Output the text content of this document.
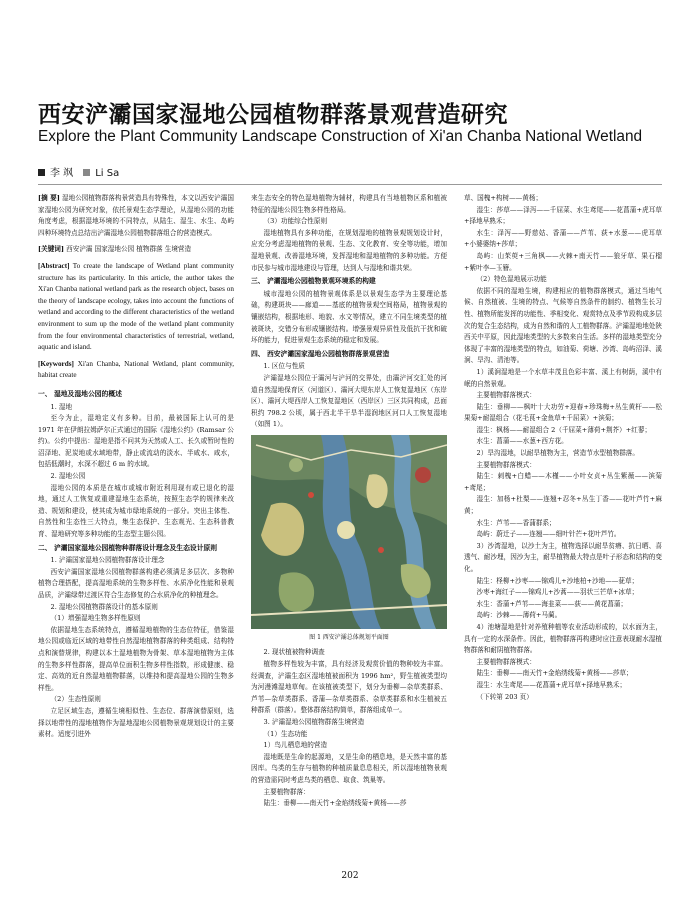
西安浐灞国家湿地公园植物群落景观营造研究
Explore the Plant Community Landscape Construction of Xi'an Chanba National Wetland
李 飒 Li Sa

[摘 要] 湿地公园植物群落构景营造具有特殊性，本文以西安浐灞国家湿地公园为研究对象，依托景观生态学理论，从湿地公园的功能角度考虑，根据湿地环境的不同特点，从陆生、湿生、水生、岛屿四种环境特点总结出浐灞湿地公园植物群落组合的营造模式。

[关键词] 西安浐灞 国家湿地公园 植物群落 生境营造

[Abstract] To create the landscape of Wetland plant community structure has its particularity. In this article, the author takes the Xi'an Chanba national wetland park as the research object, bases on the theory of landscape ecology, takes into account the functions of wetland and according to the different characteristics of the wetland environment to sum up the mode of the wetland plant community from the four environmental characteristics of terrestrial, wetland, aquatic and island.

[Keywords] Xi'an Chanba, National Wetland, plant community, habitat create

一、 湿地及湿地公园的概述

1. 湿地

至今为止，湿地定义有多种。目前，最被国际上认可的是 1971 年在伊朗拉姆萨尔正式通过的国际《湿地公约》(Ramsar 公约)。公约中提出：湿地是指不问其为天然或人工、长久或暂时性的沼泽地、泥炭地或水域地带，静止或流动的淡水、半咸水、咸水，包括低潮时，水深不超过 6 m 的水域。

2. 湿地公园

湿地公园的本质是在城市或城市附近利用现有或已退化的湿地，通过人工恢复或重建湿地生态系统，按照生态学的规律来改造、规划和建设，使其成为城市绿地系统的一部分。突出主体性、自然性和生态性三大特点，集生态保护、生态观光、生态科普教育、湿地研究等多种功能的生态型主题公园。

二、 浐灞国家湿地公园植物种群落设计理念及生态设计原则

1. 浐灞国家湿地公园植物群落设计理念

西安浐灞国家湿地公园植物群落构建必须满足多层次、多物种植物合理搭配，提高湿地系统的生物多样性、水质净化性能和景观品质，浐灞绿带过渡区符合生态修复的合水质净化的种植理念。

2. 湿地公园植物群落设计的基本原则

（1）增强湿地生物多样性原则

依据湿地生态系统特点，遵循湿地植物的生态位特征，借鉴湿地公园或临近区域的地带性自然湿地植物群落的种类组成、结构特点和演替规律，构建以本土湿地植物为骨架、草本湿地植物为主体的生物多样性群落，提高单位面积生物多样性指数，形成健康、稳定、高效的近自然湿地植物群落，以维持和提高湿地公园的生物多样性。

（2）生态性原则

立足区域生态，遵循生境相似性、生态位、群落演替原则，选择以地带性的湿地植物作为湿地湿地公园植物景观规划设计的主要素材。适度引进外

来生态安全的特色湿地植物为辅材，构建具有当地植物区系和植被特征的湿地公园生物多样性格局。

（3）功能综合性原则

湿地植物具有多种功能，在规划湿地的植物景观规划设计时，应充分考虑湿地植物的景观、生态、文化教育、安全等功能，增加湿地景观、改善湿地环境，发挥湿地和湿地植物的多种功能。方便市民参与城市湿地建设与管理，达到人与湿地和谐共荣。

三、 浐灞湿地公园植物景观环境系的构建

城市湿地公园的植物景观体系是以景观生态学为主要理论基础，构建斑块——廊道——基底的植物景观空间格局，植物景观的镶嵌结构，根据地形、地貌、水文等情况，建立不同生境类型的植被斑块，交错分布形成镶嵌结构。增强景观异质性及低抗干扰和破坏的能力，促进景观生态系统的稳定和发展。

四、 西安浐灞国家湿地公园植物群落景观营造

1. 区位与性质

浐灞湿地公园位于灞河与浐河的交界处，由灞浐河交汇处的河道自然湿地保育区（河道区）、灞河大堤东岸人工恢复湿地区（东岸区）、灞河大堤西岸人工恢复湿地区（西岸区）三区共同构成，总面积约 798.2 公顷，属于西北半干旱半湿润地区河口人工恢复湿地（如图 1）。

图 1 西安浐灞总体规划平面图

2. 现状植被物种调查

植物多样性较为丰富，具有经济及观赏价值的物种较为丰富。经调查，浐灞生态区湿地植被面积为 1996 hm²，野生植被类型均为河漫滩湿地草甸。在该植被类型下，划分为垂柳—杂草类群系、芦苇—杂草类群系、香蒲—杂草类群系、杂草类群系和水生植被五种群系（群落）。整体群落结构简单，群落组成单一。

3. 浐灞湿地公园植物群落生境营造

（1）生态功能

1）鸟儿栖息地的营造

湿地既是生命的起源地，又是生命的栖息地，是天然丰富的基因库。鸟类的生存与植物的种植质量息息相关，所以湿地植物景观的营造需同时考虑鸟类的栖息、取食、筑巢等。

主要植物群落：

陆生：垂柳——南天竹+金焰绣线菊+黄杨——莎

草、国槐+构树——黄杨；

湿生：莎草——泽泻——千屈菜、水生鸢尾——花菖蒲+虎耳草+择地早熟禾；

水生：泽泻——野慈姑、香蒲——芦苇、荻+水葱——虎耳草+小婆婆纳+莎草；

岛屿：山茱萸+三角枫——火棘+南天竹——狼牙草、果石榴+紫叶李—玉簪。

（2）特色湿地展示功能

依据不同的湿地生境，构建相应的植物群落模式，通过当地气候、自然植被、生境的特点、气候等自然条件的制约、植物生长习性、植物所能发挥的功能性、季相变化、观赏特点及季节段构成多层次的复合生态结构，成为自然和谐的人工植物群落。浐灞湿地地处陕西关中平原，因此湿地类型的大多数来自生活。多样的湿地类型充分体现了丰富的湿地类型的特点，如油菊、荷塘、沙湾、岛屿沼泽、溪涧、旱沟、清池等。

1）溪涧湿地是一个水草丰茂且色彩丰富、溪上有树荫，溪中有岷的自然景观。

主要植物群落模式：

陆生：垂柳——枫叶十大功劳+迎春+珍珠梅+丛生黄杆——松果菊+耐湿组合（花毛茛+金鱼草+千屈菜）+滨菊；

湿生：枫杨——耐湿组合 2（千屈菜+薄荷+荆芥）+红蓼；

水生：菖蒲——水葱+西方花。

2）旱沟湿地，以耐旱植物为主，营造节水型植物群落。

主要植物群落模式：

陆生：刺槐+白蜡——木槿——小叶女贞+丛生紫薇——滨菊+鸢尾；

湿生：加杨+杜梨——连翘+忍冬+丛生丁香——花叶芦竹+麻黄；

水生：芦苇——香蒲群系；

岛屿：蔚迁子——连翘——细叶针芒+花叶芦竹。

3）沙湾湿地，以沙土为主，植物选择以耐旱贫瘠、抗日晒、喜透气、耐沙埋，因沙为主，耐旱植物最大特点是叶子形态和结构的变化。

陆生：柽柳+沙枣——锦鸡儿+沙地柏+沙地——莸草；

沙枣+海红子——锦鸡儿+沙蒿——羽状三芒草+冰草；

水生：香蒲+芦苇——海韭菜——荻——黄花菖蒲；

岛屿：沙棘——薄荷+马蔺。

4）池塘湿地是针对养殖种植等农业活动形成的，以水面为主，具有一定的水深条件。因此，植物群落再构建时应注意表现耐水湿植物群落和耐阴植物群落。

主要植物群落模式：

陆生：垂柳——南天竹+金焰绣线菊+黄杨——莎草；

湿生：水生鸢尾——花菖蒲+虎耳草+择地早熟禾；

（下转第 203 页）

202
